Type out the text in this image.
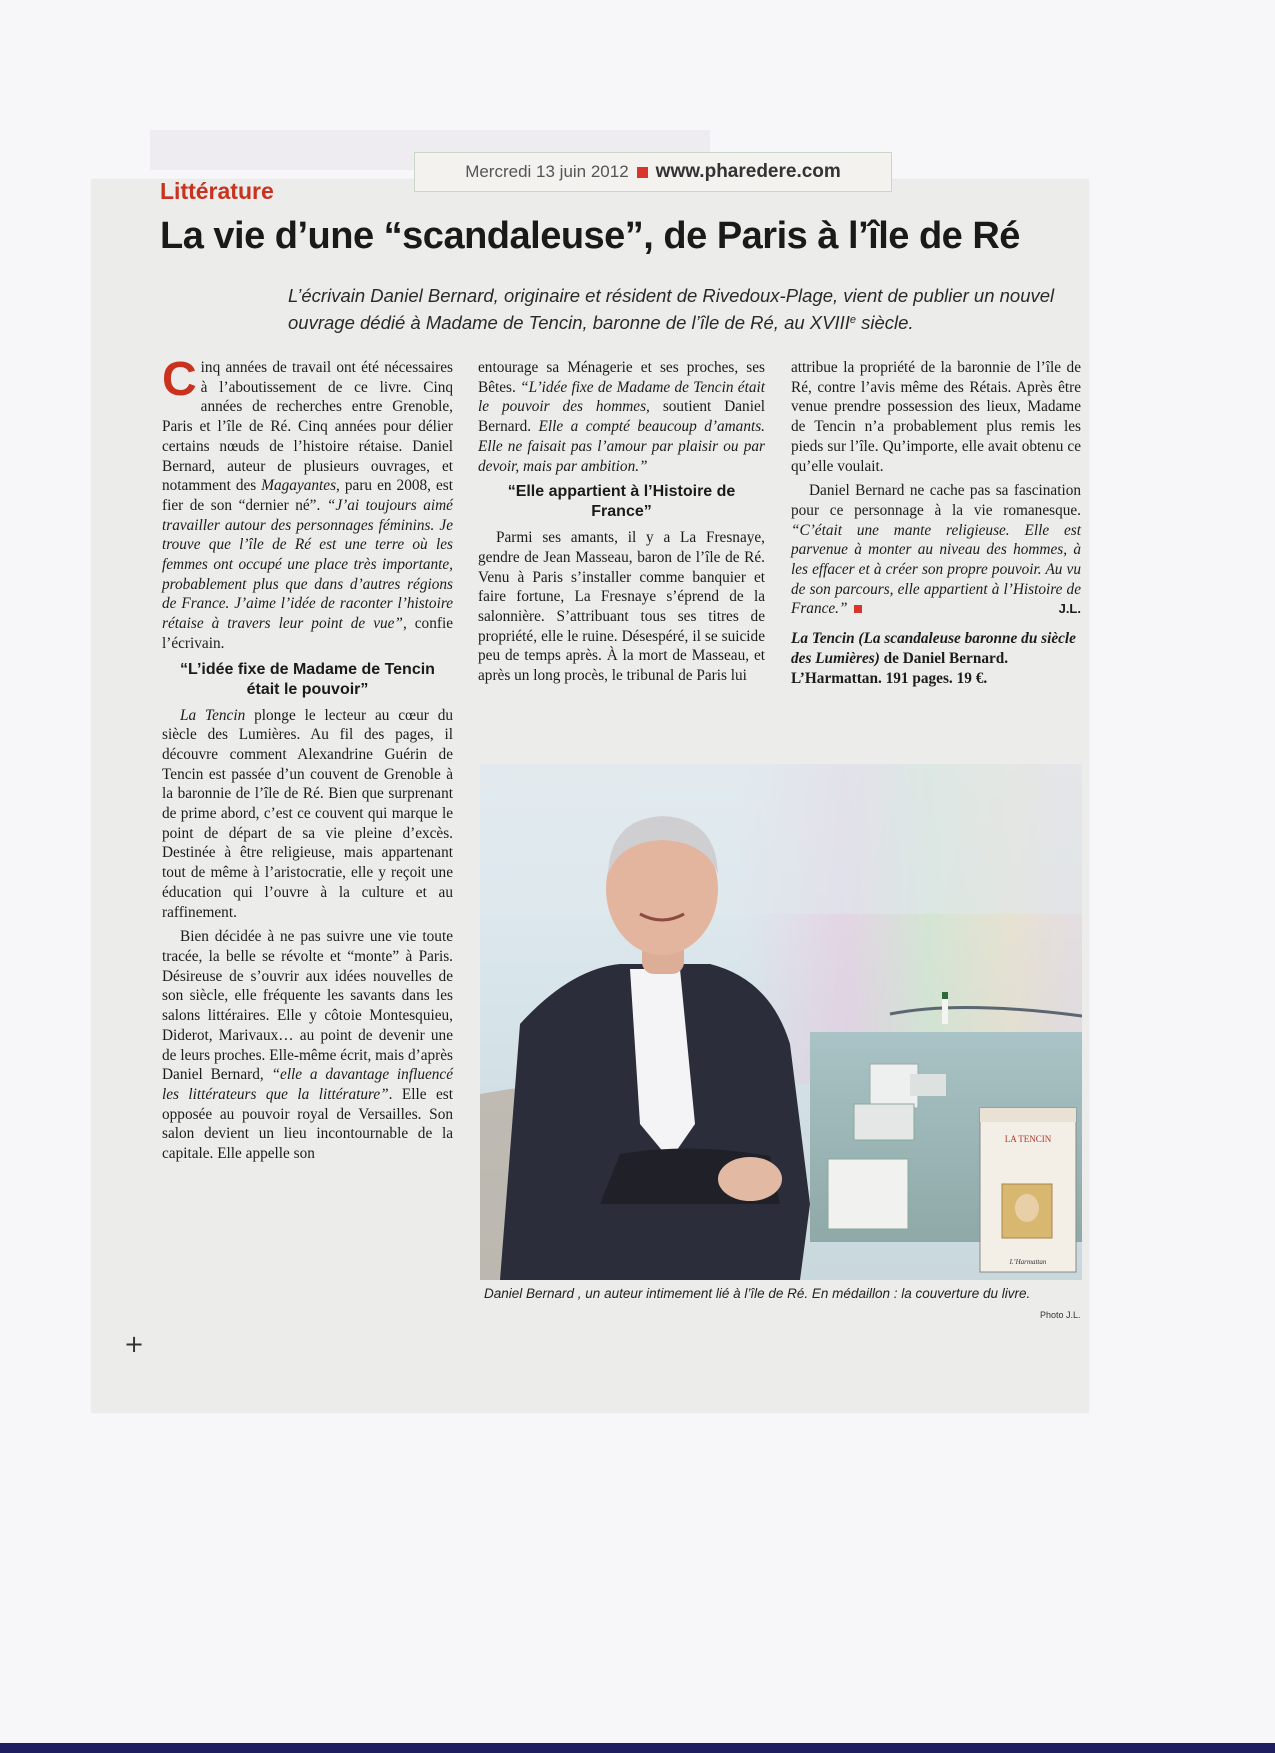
Mercredi 13 juin 2012 www.pharedere.com
Littérature
La vie d’une “scandaleuse”, de Paris à l’île de Ré
L’écrivain Daniel Bernard, originaire et résident de Rivedoux-Plage, vient de publier un nouvel ouvrage dédié à Madame de Tencin, baronne de l’île de Ré, au XVIIIe siècle.

Cinq années de travail ont été nécessaires à l’aboutissement de ce livre. Cinq années de recherches entre Grenoble, Paris et l’île de Ré. Cinq années pour délier certains nœuds de l’histoire rétaise. Daniel Bernard, auteur de plusieurs ouvrages, et notamment des Magayantes, paru en 2008, est fier de son “dernier né”. “J’ai toujours aimé travailler autour des personnages féminins. Je trouve que l’île de Ré est une terre où les femmes ont occupé une place très importante, probablement plus que dans d’autres régions de France. J’aime l’idée de raconter l’histoire rétaise à travers leur point de vue”, confie l’écrivain.

“L’idée fixe de Madame de Tencin était le pouvoir”

La Tencin plonge le lecteur au cœur du siècle des Lumières. Au fil des pages, il découvre comment Alexandrine Guérin de Tencin est passée d’un couvent de Grenoble à la baronnie de l’île de Ré. Bien que surprenant de prime abord, c’est ce couvent qui marque le point de départ de sa vie pleine d’excès. Destinée à être religieuse, mais appartenant tout de même à l’aristocratie, elle y reçoit une éducation qui l’ouvre à la culture et au raffinement.

Bien décidée à ne pas suivre une vie toute tracée, la belle se révolte et “monte” à Paris. Désireuse de s’ouvrir aux idées nouvelles de son siècle, elle fréquente les savants dans les salons littéraires. Elle y côtoie Montesquieu, Diderot, Marivaux… au point de devenir une de leurs proches. Elle-même écrit, mais d’après Daniel Bernard, “elle a davantage influencé les littérateurs que la littérature”. Elle est opposée au pouvoir royal de Versailles. Son salon devient un lieu incontournable de la capitale. Elle appelle son

entourage sa Ménagerie et ses proches, ses Bêtes. “L’idée fixe de Madame de Tencin était le pouvoir des hommes, soutient Daniel Bernard. Elle a compté beaucoup d’amants. Elle ne faisait pas l’amour par plaisir ou par devoir, mais par ambition.”

“Elle appartient à l’Histoire de France”

Parmi ses amants, il y a La Fresnaye, gendre de Jean Masseau, baron de l’île de Ré. Venu à Paris s’installer comme banquier et faire fortune, La Fresnaye s’éprend de la salonnière. S’attribuant tous ses titres de propriété, elle le ruine. Désespéré, il se suicide peu de temps après. À la mort de Masseau, et après un long procès, le tribunal de Paris lui

attribue la propriété de la baronnie de l’île de Ré, contre l’avis même des Rétais. Après être venue prendre possession des lieux, Madame de Tencin n’a probablement plus remis les pieds sur l’île. Qu’importe, elle avait obtenu ce qu’elle voulait.

Daniel Bernard ne cache pas sa fascination pour ce personnage à la vie romanesque. “C’était une mante religieuse. Elle est parvenue à monter au niveau des hommes, à les effacer et à créer son propre pouvoir. Au vu de son parcours, elle appartient à l’Histoire de France.”	J.L.

La Tencin (La scandaleuse baronne du siècle des Lumières) de Daniel Bernard. L’Harmattan. 191 pages. 19 €.
LA TENCIN
L’Harmattan
Daniel Bernard , un auteur intimement lié à l’île de Ré. En médaillon : la couverture du livre.
Photo J.L.
+
